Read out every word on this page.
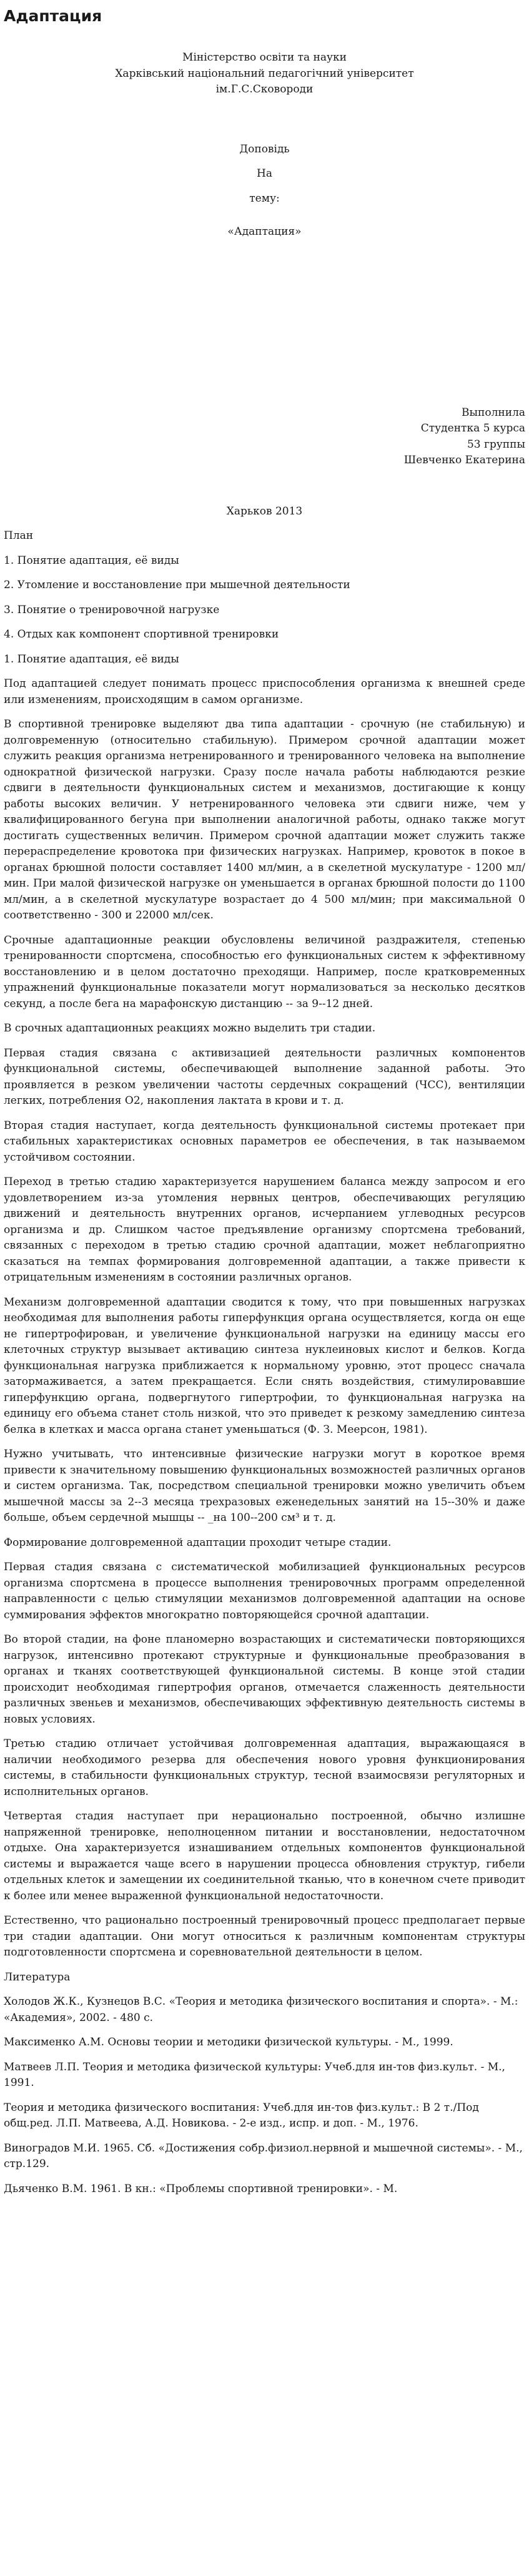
Адаптация

Міністерство освіти та науки

Харківський національний педагогічний університет

ім.Г.С.Сковороди

Доповідь

На

тему:

«Адаптация»

Выполнила

Студентка 5 курса

53 группы

Шевченко Екатерина

Харьков 2013

План

1. Понятие адаптация, её виды

2. Утомление и восстановление при мышечной деятельности

3. Понятие о тренировочной нагрузке

4. Отдых как компонент спортивной тренировки

1. Понятие адаптация, её виды

Под адаптацией следует понимать процесс приспособления организма к внешней среде или изменениям, происходящим в самом организме.

В спортивной тренировке выделяют два типа адаптации - срочную (не стабильную) и долговременную (относительно стабильную). Примером срочной адаптации может служить реакция организма нетренированного и тренированного человека на выполнение однократной физической нагрузки. Сразу после начала работы наблюдаются резкие сдвиги в деятельности функциональных систем и механизмов, достигающие к концу работы высоких величин. У нетренированного человека эти сдвиги ниже, чем у квалифицированного бегуна при выполнении аналогичной работы, однако также могут достигать существенных величин. Примером срочной адаптации может служить также перераспределение кровотока при физических нагрузках. Например, кровоток в покое в органах брюшной полости составляет 1400 мл/мин, а в скелетной мускулатуре - 1200 мл/мин. При малой физической нагрузке он уменьшается в органах брюшной полости до 1100 мл/мин, а в скелетной мускулатуре возрастает до 4 500 мл/мин; при максимальной 0 соответственно - 300 и 22000 мл/сек.

Срочные адаптационные реакции обусловлены величиной раздражителя, степенью тренированности спортсмена, способностью его функциональных систем к эффективному восстановлению и в целом достаточно преходящи. Например, после кратковременных упражнений функциональные показатели могут нормализоваться за несколько десятков секунд, а после бега на марафонскую дистанцию -- за 9--12 дней.

В срочных адаптационных реакциях можно выделить три стадии.

Первая стадия связана с активизацией деятельности различных компонентов функциональной системы, обеспечивающей выполнение заданной работы. Это проявляется в резком увеличении частоты сердечных сокращений (ЧСС), вентиляции легких, потребления О2, накопления лактата в крови и т. д.

Вторая стадия наступает, когда деятельность функциональной системы протекает при стабильных характеристиках основных параметров ее обеспечения, в так называемом устойчивом состоянии.

Переход в третью стадию характеризуется нарушением баланса между запросом и его удовлетворением из-за утомления нервных центров, обеспечивающих регуляцию движений и деятельность внутренних органов, исчерпанием углеводных ресурсов организма и др. Слишком частое предъявление организму спортсмена требований, связанных с переходом в третью стадию срочной адаптации, может неблагоприятно сказаться на темпах формирования долговременной адаптации, а также привести к отрицательным изменениям в состоянии различных органов.

Механизм долговременной адаптации сводится к тому, что при повышенных нагрузках необходимая для выполнения работы гиперфункция органа осуществляется, когда он еще не гипертрофирован, и увеличение функциональной нагрузки на единицу массы его клеточных структур вызывает активацию синтеза нуклеиновых кислот и белков. Когда функциональная нагрузка приближается к нормальному уровню, этот процесс сначала затормаживается, а затем прекращается. Если снять воздействия, стимулировавшие гиперфункцию органа, подвергнутого гипертрофии, то функциональная нагрузка на единицу его объема станет столь низкой, что это приведет к резкому замедлению синтеза белка в клетках и масса органа станет уменьшаться (Ф. З. Меерсон, 1981).

Нужно учитывать, что интенсивные физические нагрузки могут в короткое время привести к значительному повышению функциональных возможностей различных органов и систем организма. Так, посредством специальной тренировки можно увеличить объем мышечной массы за 2--3 месяца трехразовых еженедельных занятий на 15--30% и даже больше, объем сердечной мышцы -- _на 100--200 см³ и т. д.

Формирование долговременной адаптации проходит четыре стадии.

Первая стадия связана с систематической мобилизацией функциональных ресурсов организма спортсмена в процессе выполнения тренировочных программ определенной направленности с целью стимуляции механизмов долговременной адаптации на основе суммирования эффектов многократно повторяющейся срочной адаптации.

Во второй стадии, на фоне планомерно возрастающих и систематически повторяющихся нагрузок, интенсивно протекают структурные и функциональные преобразования в органах и тканях соответствующей функциональной системы. В конце этой стадии происходит необходимая гипертрофия органов, отмечается слаженность деятельности различных звеньев и механизмов, обеспечивающих эффективную деятельность системы в новых условиях.

Третью стадию отличает устойчивая долговременная адаптация, выражающаяся в наличии необходимого резерва для обеспечения нового уровня функционирования системы, в стабильности функциональных структур, тесной взаимосвязи регуляторных и исполнительных органов.

Четвертая стадия наступает при нерационально построенной, обычно излишне напряженной тренировке, неполноценном питании и восстановлении, недостаточном отдыхе. Она характеризуется изнашиванием отдельных компонентов функциональной системы и выражается чаще всего в нарушении процесса обновления структур, гибели отдельных клеток и замещении их соединительной тканью, что в конечном счете приводит к более или менее выраженной функциональной недостаточности.

Естественно, что рационально построенный тренировочный процесс предполагает первые три стадии адаптации. Они могут относиться к различным компонентам структуры подготовленности спортсмена и соревновательной деятельности в целом.

Литература

Холодов Ж.К., Кузнецов В.С. «Теория и методика физического воспитания и спорта». - М.: «Академия», 2002. - 480 с.

Максименко А.М. Основы теории и методики физической культуры. - М., 1999.

Матвеев Л.П. Теория и методика физической культуры: Учеб.для ин-тов физ.культ. - М., 1991.

Теория и методика физического воспитания: Учеб.для ин-тов физ.культ.: В 2 т./Под общ.ред. Л.П. Матвеева, А.Д. Новикова. - 2-е изд., испр. и доп. - М., 1976.

Виноградов М.И. 1965. Сб. «Достижения собр.физиол.нервной и мышечной системы». - М., стр.129.

Дьяченко В.М. 1961. В кн.: «Проблемы спортивной тренировки». - М.
